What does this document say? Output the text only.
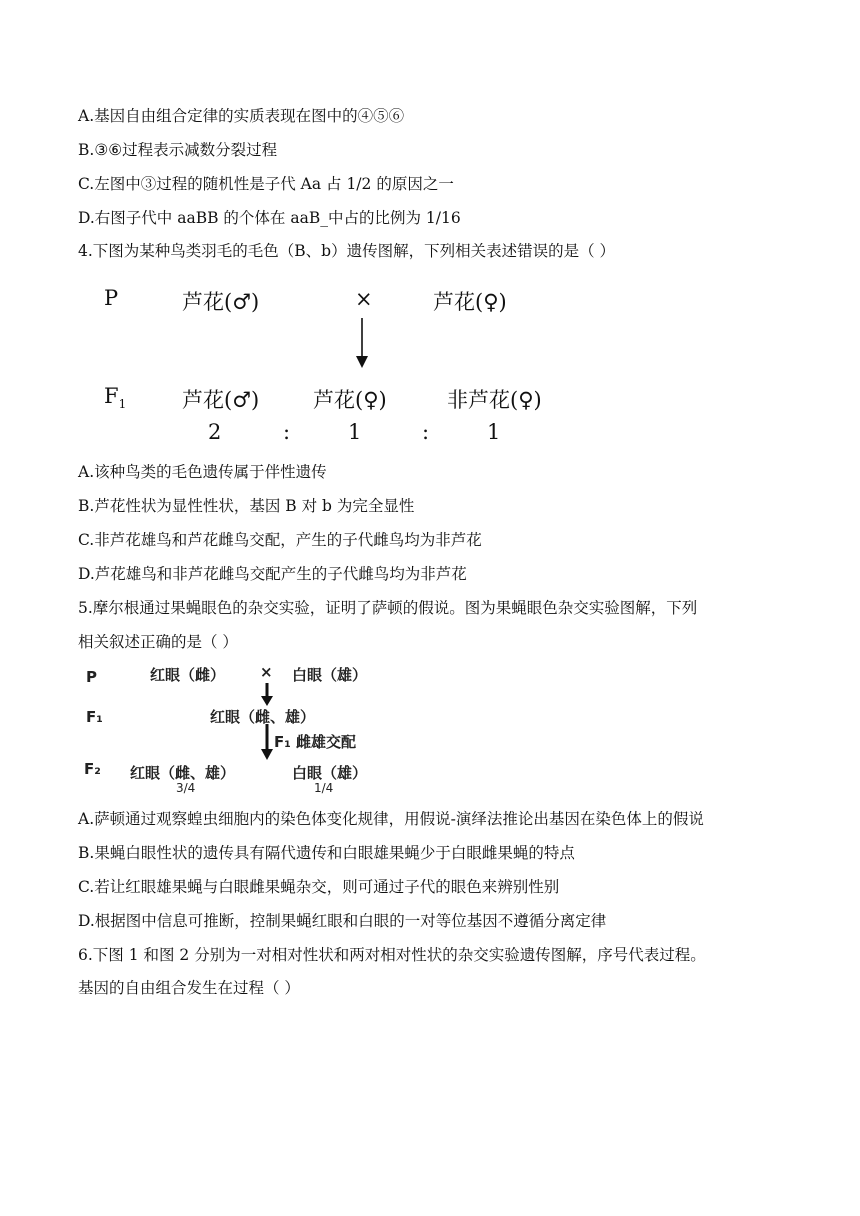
A.基因自由组合定律的实质表现在图中的④⑤⑥
B.③⑥过程表示减数分裂过程
C.左图中③过程的随机性是子代 Aa 占 1/2 的原因之一
D.右图子代中 aaBB 的个体在 aaB_中占的比例为 1/16
4.下图为某种鸟类羽毛的毛色（B、b）遗传图解，下列相关表述错误的是（ ）
P	芦花(♂)	×	芦花(♀)
$F_1$	芦花(♂)	芦花(♀)	非芦花(♀)
2	:	1	:	1
A.该种鸟类的毛色遗传属于伴性遗传
B.芦花性状为显性性状，基因 B 对 b 为完全显性
C.非芦花雄鸟和芦花雌鸟交配，产生的子代雌鸟均为非芦花
D.芦花雄鸟和非芦花雌鸟交配产生的子代雌鸟均为非芦花
5.摩尔根通过果蝇眼色的杂交实验，证明了萨顿的假说。图为果蝇眼色杂交实验图解，下列
相关叙述正确的是（ ）
P	红眼（雌） × 白眼（雄）
F₁	红眼（雌、雄）
F₁ 雌雄交配
F₂ 红眼（雌、雄）
3/4
白眼（雄）
1/4
A.萨顿通过观察蝗虫细胞内的染色体变化规律，用假说-演绎法推论出基因在染色体上的假说
B.果蝇白眼性状的遗传具有隔代遗传和白眼雄果蝇少于白眼雌果蝇的特点
C.若让红眼雄果蝇与白眼雌果蝇杂交，则可通过子代的眼色来辨别性别
D.根据图中信息可推断，控制果蝇红眼和白眼的一对等位基因不遵循分离定律
6.下图 1 和图 2 分别为一对相对性状和两对相对性状的杂交实验遗传图解，序号代表过程。
基因的自由组合发生在过程（ ）
